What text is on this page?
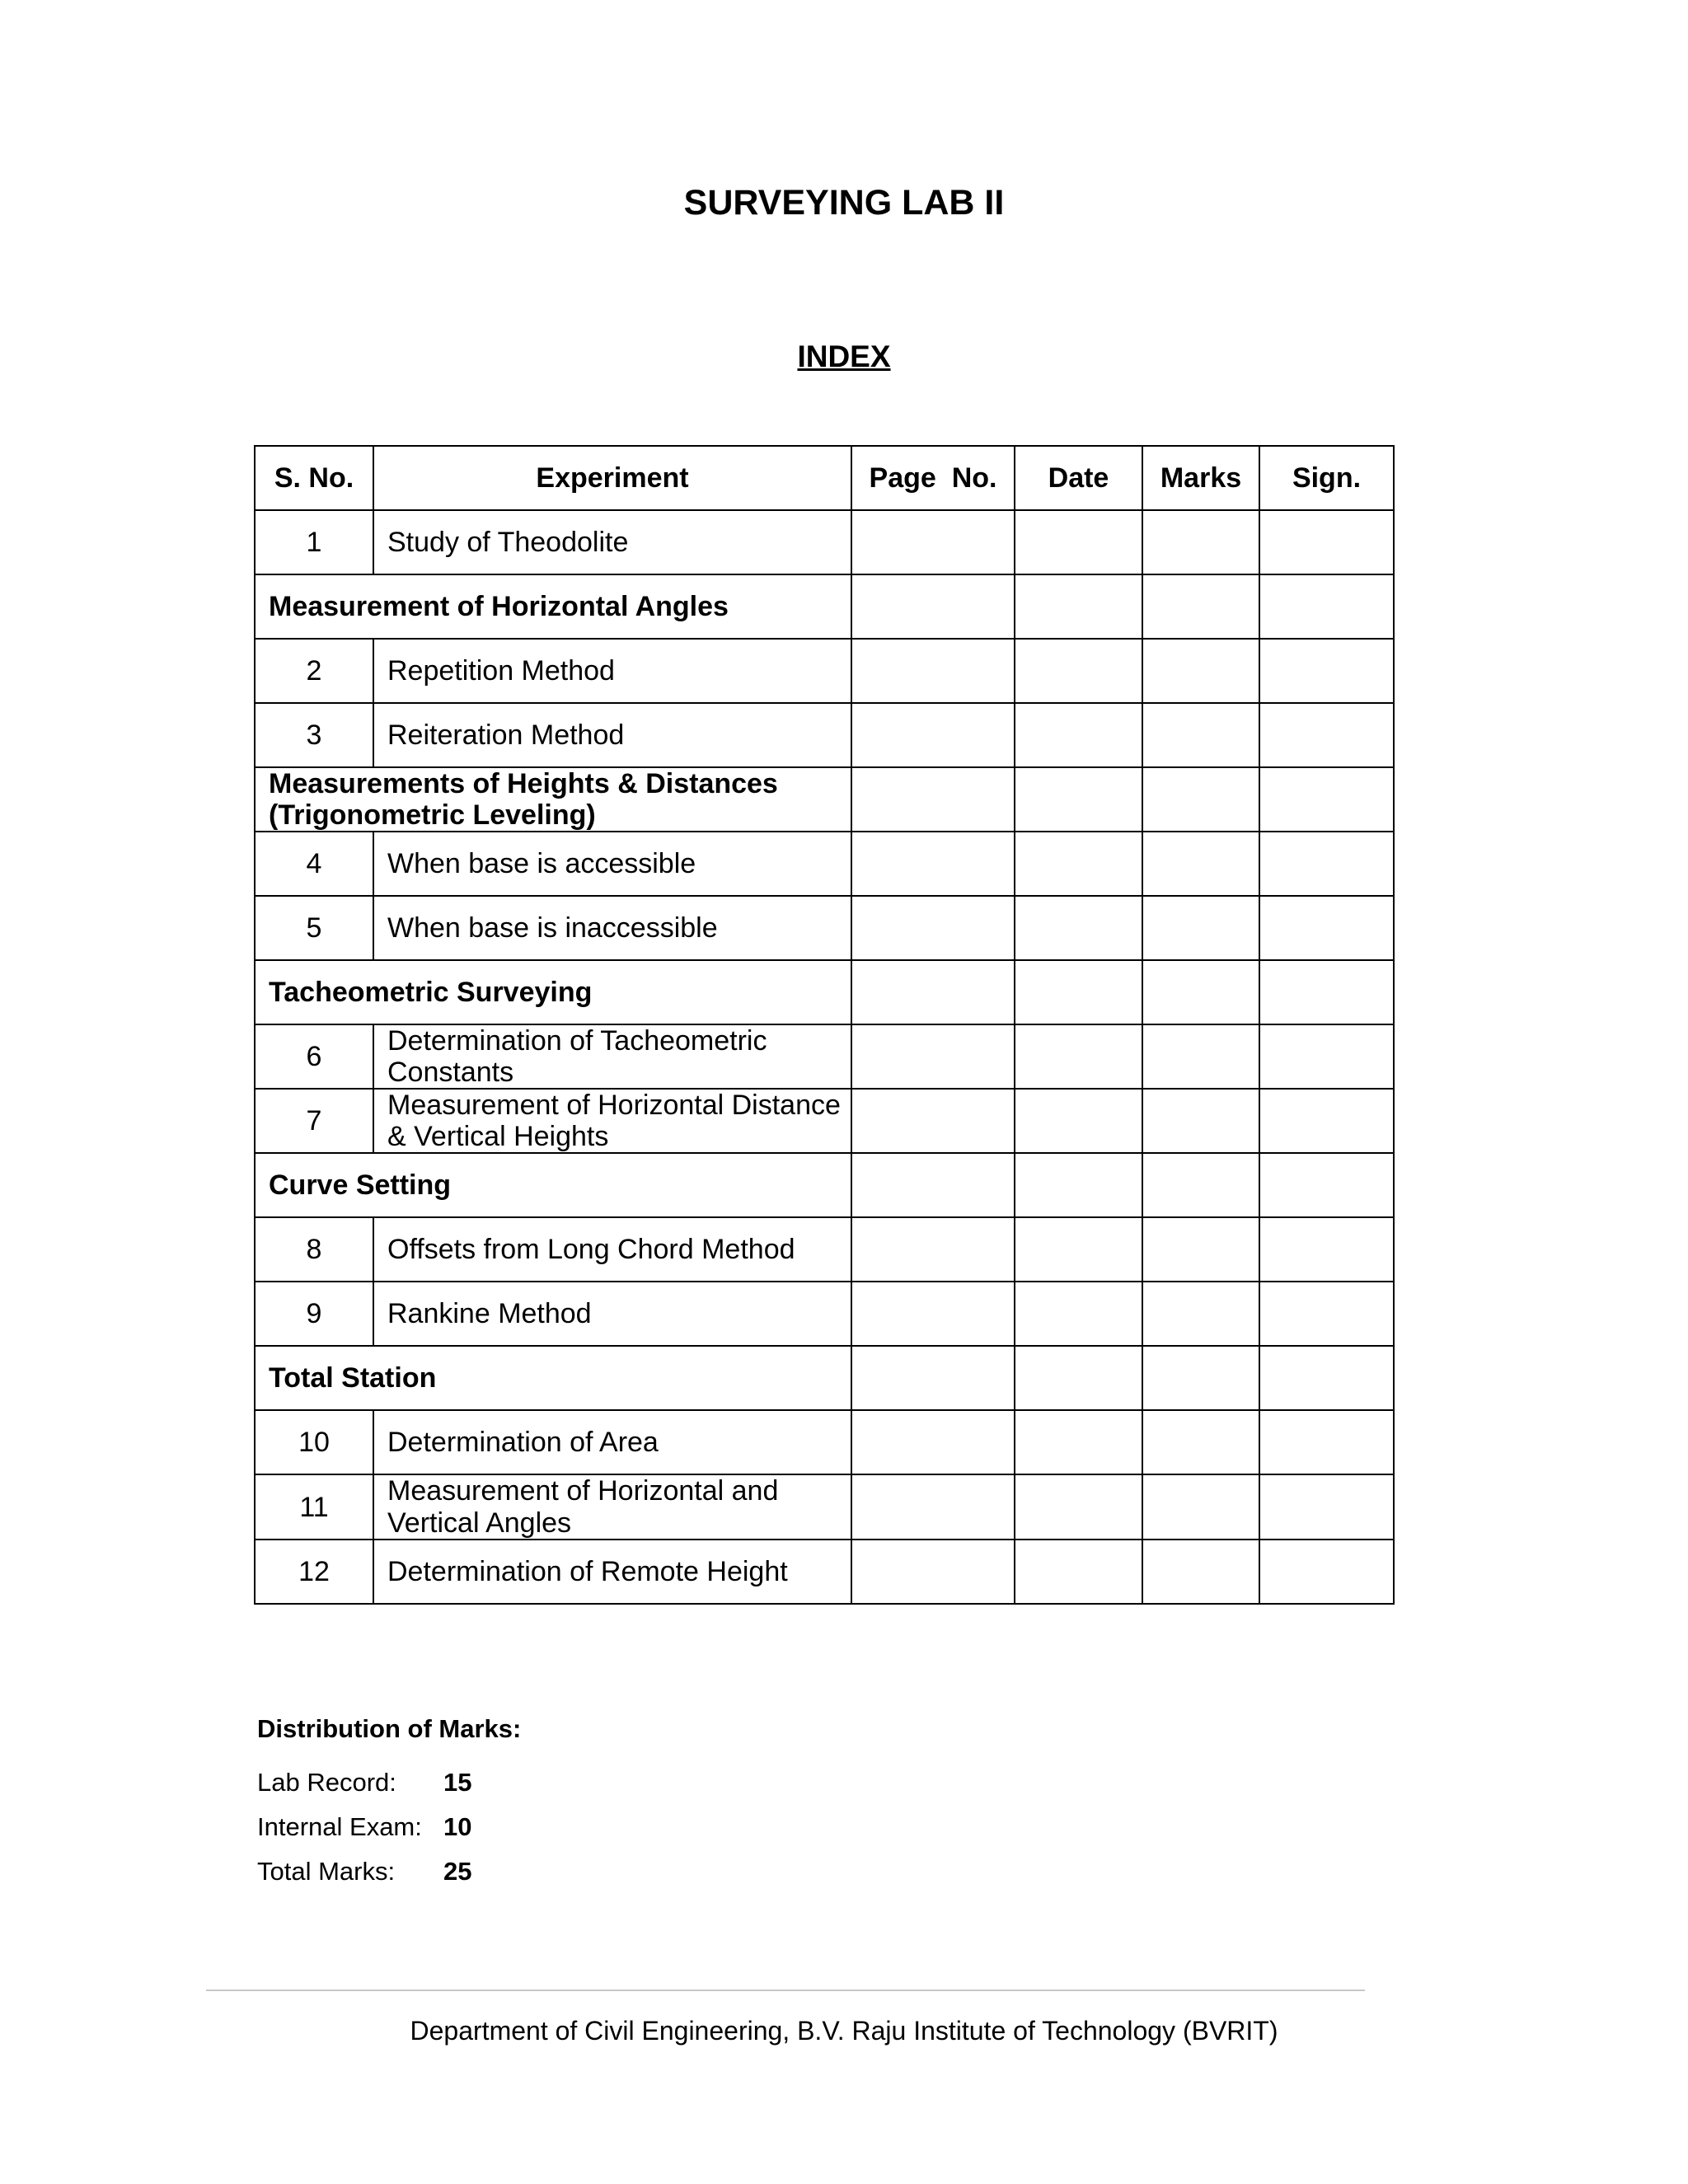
SURVEYING LAB II
INDEX
S. No.	Experiment	Page  No.	Date	Marks	Sign.
1	Study of Theodolite				
Measurement of Horizontal Angles					
2	Repetition Method				
3	Reiteration Method				
Measurements of Heights & Distances (Trigonometric Leveling)					
4	When base is accessible				
5	When base is inaccessible				
Tacheometric Surveying					
6	Determination of Tacheometric Constants				
7	Measurement of Horizontal Distance & Vertical Heights				
Curve Setting					
8	Offsets from Long Chord Method				
9	Rankine Method				
Total Station					
10	Determination of Area				
11	Measurement of Horizontal and Vertical Angles				
12	Determination of Remote Height				

Distribution of Marks:

Lab Record:	15
Internal Exam: 10
Total Marks:	25

Department of Civil Engineering, B.V. Raju Institute of Technology (BVRIT)
